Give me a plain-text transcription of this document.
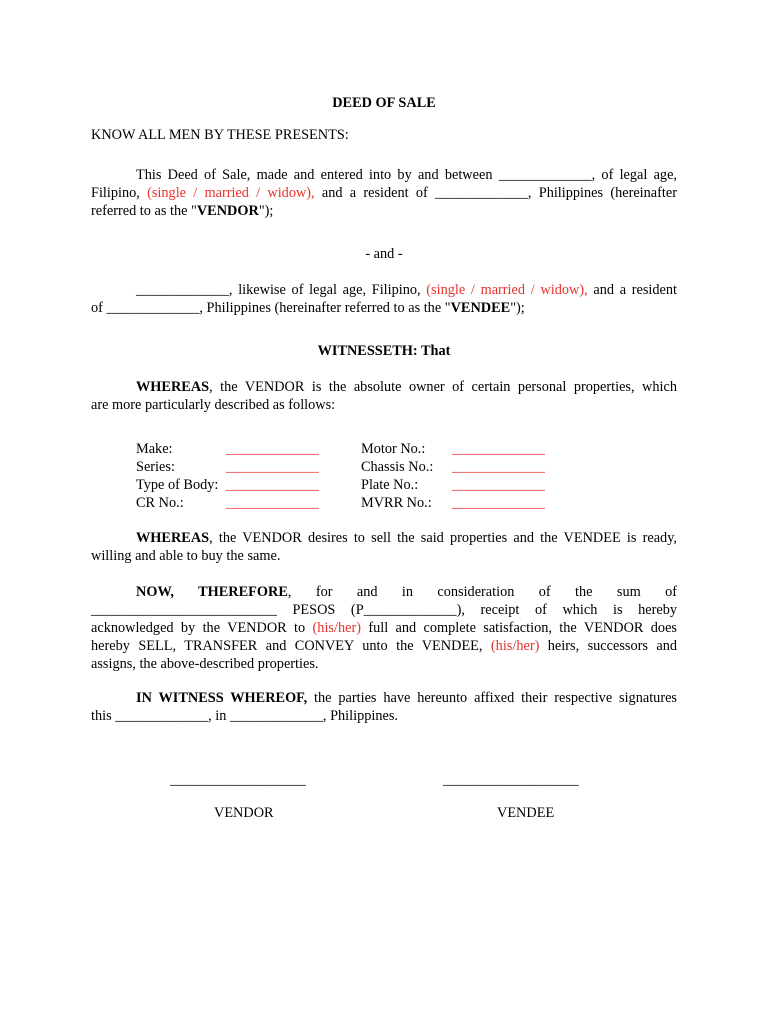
DEED OF SALE
KNOW ALL MEN BY THESE PRESENTS:
This Deed of Sale, made and entered into by and between _____________, of legal age,
Filipino, (single / married / widow), and a resident of _____________, Philippines (hereinafter
referred to as the "VENDOR");
- and -
_____________, likewise of legal age, Filipino, (single / married / widow), and a resident
of _____________, Philippines (hereinafter referred to as the "VENDEE");
WITNESSETH: That
WHEREAS, the VENDOR is the absolute owner of certain personal properties, which
are more particularly described as follows:
Make:	_____________	Motor No.: _____________
Series:	_____________	Chassis No.: _____________
Type of Body: _____________	Plate No.: _____________
CR No.:	_____________	MVRR No.: _____________
WHEREAS, the VENDOR desires to sell the said properties and the VENDEE is ready,
willing and able to buy the same.
NOW, THEREFORE, for and in consideration of the sum of
__________________________ PESOS (P_____________), receipt of which is hereby
acknowledged by the VENDOR to (his/her) full and complete satisfaction, the VENDOR does
hereby SELL, TRANSFER and CONVEY unto the VENDEE, (his/her) heirs, successors and
assigns, the above-described properties.
IN WITNESS WHEREOF, the parties have hereunto affixed their respective signatures
this _____________, in _____________, Philippines.
___________________	___________________
VENDOR	VENDEE
